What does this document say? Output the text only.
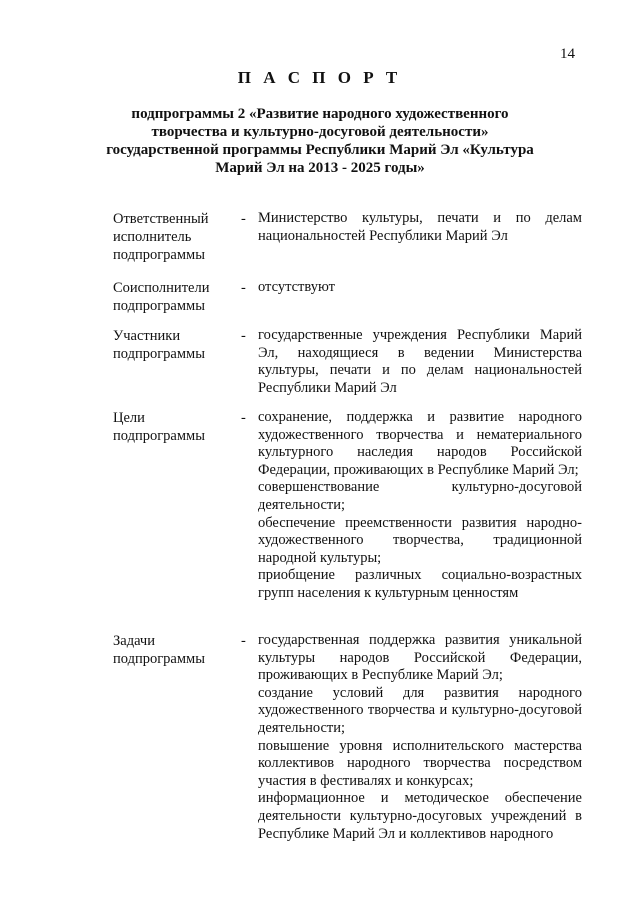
14
П А С П О Р Т
подпрограммы 2 «Развитие народного художественного творчества и культурно-досуговой деятельности» государственной программы Республики Марий Эл «Культура Марий Эл на 2013 - 2025 годы»
Ответственный исполнитель подпрограммы
- Министерство культуры, печати и по делам национальностей Республики Марий Эл

Соисполнители подпрограммы
- отсутствуют

Участники подпрограммы
- государственные учреждения Республики Марий Эл, находящиеся в ведении Министерства культуры, печати и по делам национальностей Республики Марий Эл

Цели подпрограммы
- сохранение, поддержка и развитие народного художественного творчества и нематериального культурного наследия народов Российской Федерации, проживающих в Республике Марий Эл;

совершенствование культурно-досуговой деятельности;

обеспечение преемственности развития народно-художественного творчества, традиционной народной культуры;

приобщение различных социально-возрастных групп населения к культурным ценностям

Задачи подпрограммы
- государственная поддержка развития уникальной культуры народов Российской Федерации, проживающих в Республике Марий Эл;

создание условий для развития народного художественного творчества и культурно-досуговой деятельности;

повышение уровня исполнительского мастерства коллективов народного творчества посредством участия в фестивалях и конкурсах;

информационное и методическое обеспечение деятельности культурно-досуговых учреждений в Республике Марий Эл и коллективов народного
